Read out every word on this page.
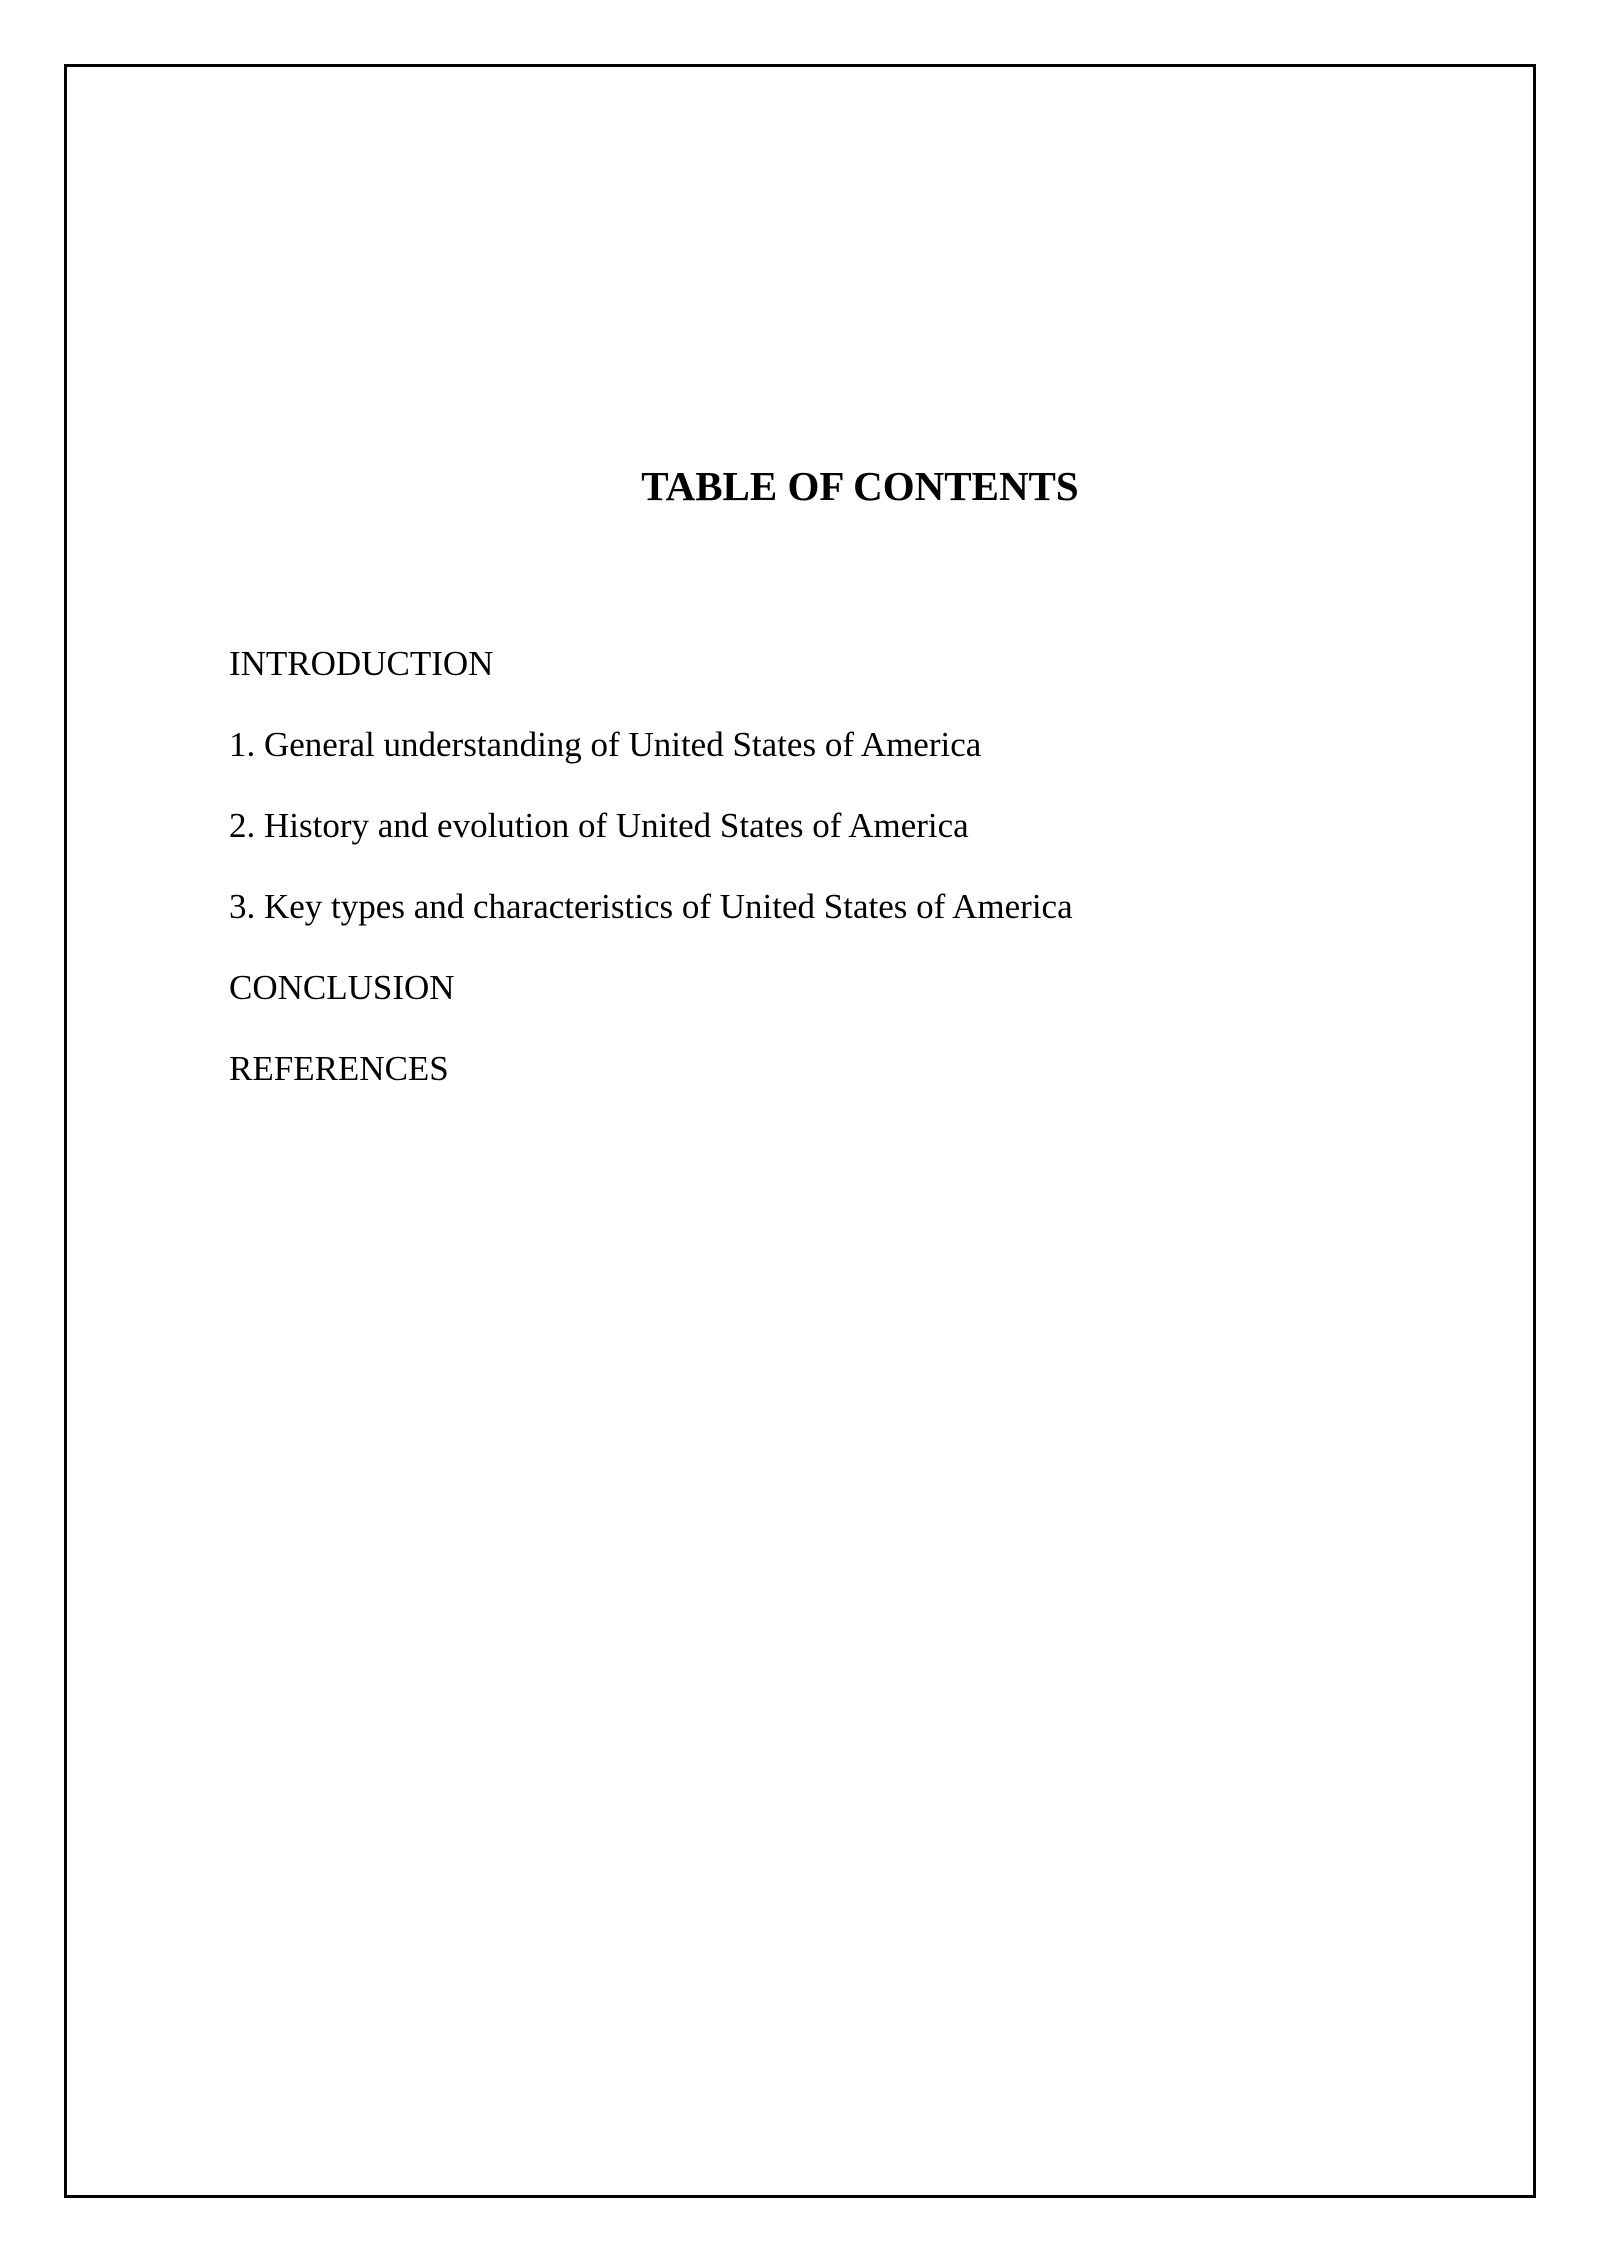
TABLE OF CONTENTS
INTRODUCTION
1. General understanding of United States of America
2. History and evolution of United States of America
3. Key types and characteristics of United States of America
CONCLUSION
REFERENCES
